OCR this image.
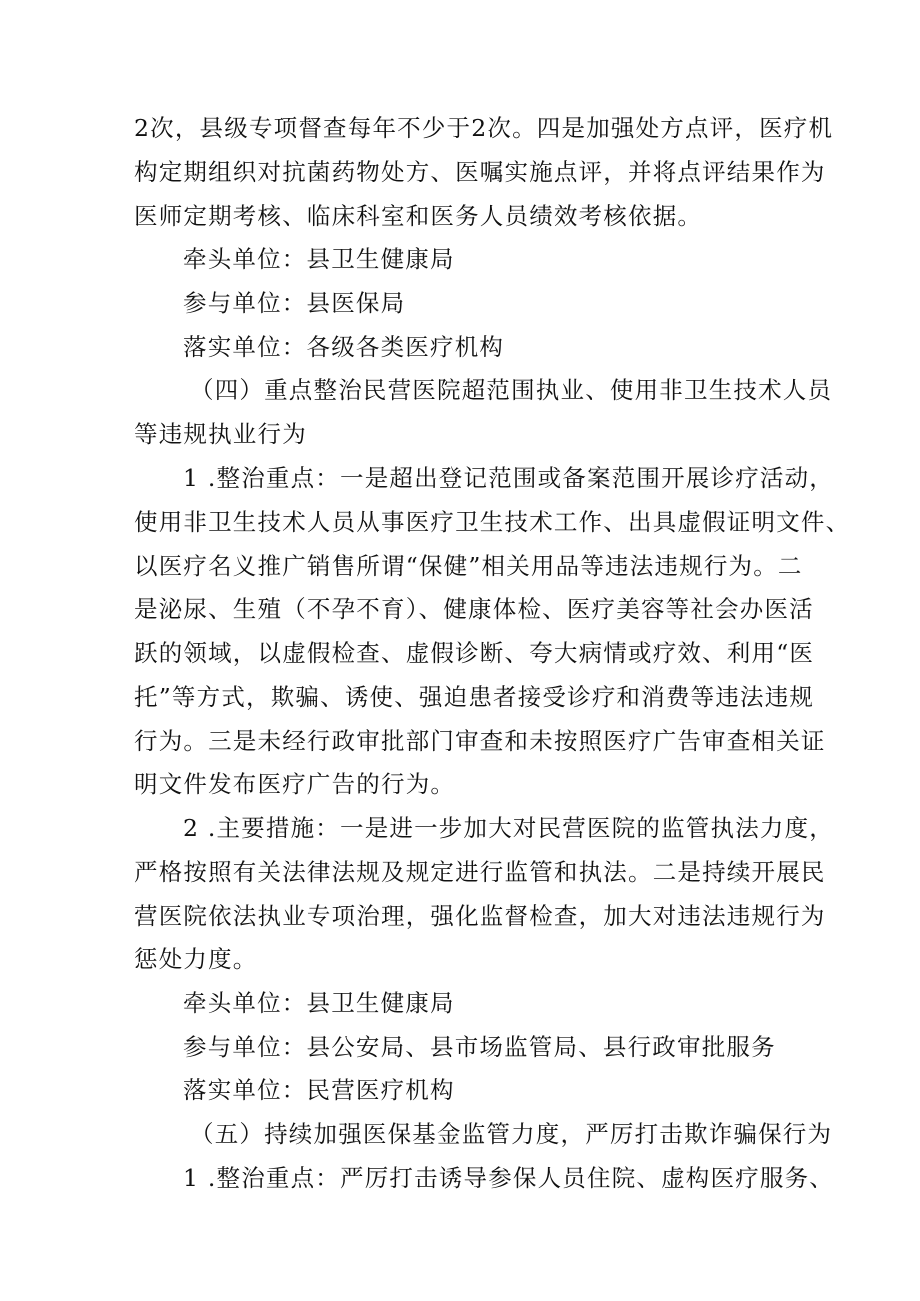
2次，县级专项督查每年不少于2次。四是加强处方点评，医疗机
构定期组织对抗菌药物处方、医嘱实施点评，并将点评结果作为
医师定期考核、临床科室和医务人员绩效考核依据。
牵头单位：县卫生健康局
参与单位：县医保局
落实单位：各级各类医疗机构
（四）重点整治民营医院超范围执业、使用非卫生技术人员
等违规执业行为
1 .整治重点：一是超出登记范围或备案范围开展诊疗活动，
使用非卫生技术人员从事医疗卫生技术工作、出具虚假证明文件、
以医疗名义推广销售所谓“保健”相关用品等违法违规行为。二
是泌尿、生殖（不孕不育）、健康体检、医疗美容等社会办医活
跃的领域，以虚假检查、虚假诊断、夸大病情或疗效、利用“医
托”等方式，欺骗、诱使、强迫患者接受诊疗和消费等违法违规
行为。三是未经行政审批部门审查和未按照医疗广告审查相关证
明文件发布医疗广告的行为。
2 .主要措施：一是进一步加大对民营医院的监管执法力度，
严格按照有关法律法规及规定进行监管和执法。二是持续开展民
营医院依法执业专项治理，强化监督检查，加大对违法违规行为
惩处力度。
牵头单位：县卫生健康局
参与单位：县公安局、县市场监管局、县行政审批服务
落实单位：民营医疗机构
（五）持续加强医保基金监管力度，严厉打击欺诈骗保行为
1 .整治重点：严厉打击诱导参保人员住院、虚构医疗服务、
